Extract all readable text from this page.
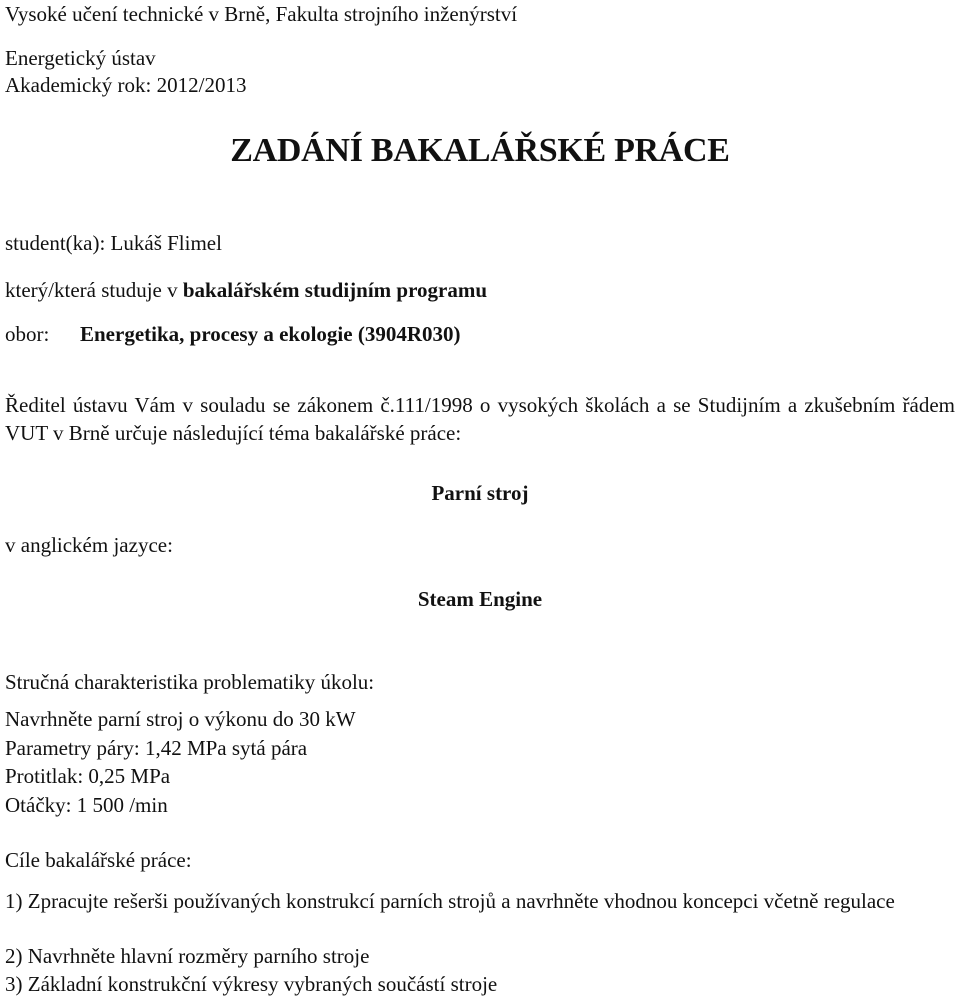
Vysoké učení technické v Brně, Fakulta strojního inženýrství

Energetický ústav

Akademický rok: 2012/2013

ZADÁNÍ BAKALÁŘSKÉ PRÁCE

student(ka): Lukáš Flimel

který/která studuje v bakalářském studijním programu

obor: Energetika, procesy a ekologie (3904R030)

Ředitel ústavu Vám v souladu se zákonem č.111/1998 o vysokých školách a se Studijním a zkušebním řádem VUT v Brně určuje následující téma bakalářské práce:

Parní stroj

v anglickém jazyce:

Steam Engine

Stručná charakteristika problematiky úkolu:

Navrhněte parní stroj o výkonu do 30 kW

Parametry páry: 1,42 MPa sytá pára

Protitlak: 0,25 MPa

Otáčky: 1 500 /min

Cíle bakalářské práce:

1) Zpracujte rešerši používaných konstrukcí parních strojů a navrhněte vhodnou koncepci včetně regulace

2) Navrhněte hlavní rozměry parního stroje

3) Základní konstrukční výkresy vybraných součástí stroje
